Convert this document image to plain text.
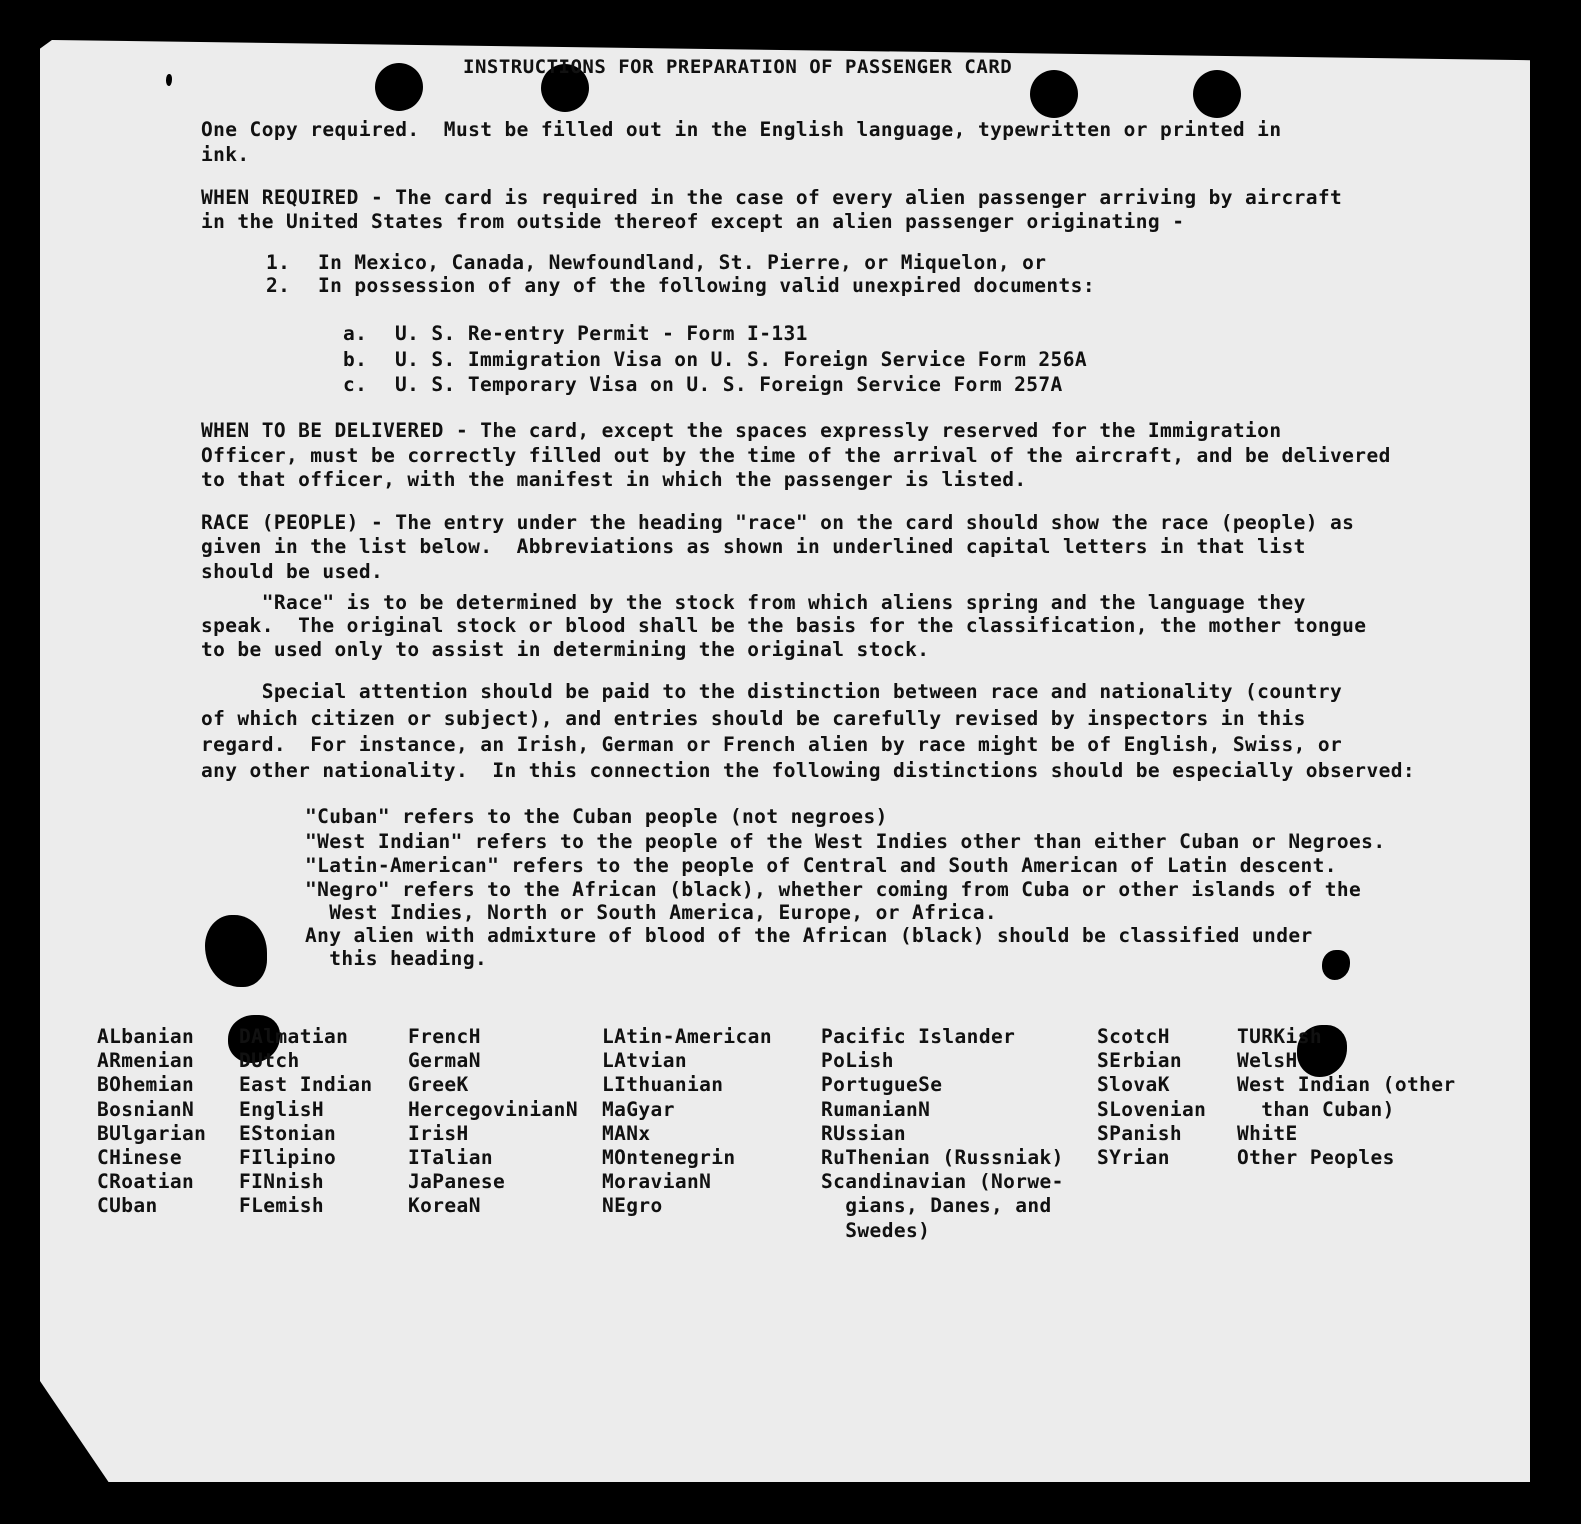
INSTRUCTIONS FOR PREPARATION OF PASSENGER CARD
One Copy required.  Must be filled out in the English language, typewritten or printed in
ink.
WHEN REQUIRED - The card is required in the case of every alien passenger arriving by aircraft
in the United States from outside thereof except an alien passenger originating -
1. In Mexico, Canada, Newfoundland, St. Pierre, or Miquelon, or
2. In possession of any of the following valid unexpired documents:
a. U. S. Re-entry Permit - Form I-131
b. U. S. Immigration Visa on U. S. Foreign Service Form 256A
c. U. S. Temporary Visa on U. S. Foreign Service Form 257A
WHEN TO BE DELIVERED - The card, except the spaces expressly reserved for the Immigration
Officer, must be correctly filled out by the time of the arrival of the aircraft, and be delivered
to that officer, with the manifest in which the passenger is listed.
RACE (PEOPLE) - The entry under the heading "race" on the card should show the race (people) as
given in the list below.  Abbreviations as shown in underlined capital letters in that list
should be used.
"Race" is to be determined by the stock from which aliens spring and the language they
speak.  The original stock or blood shall be the basis for the classification, the mother tongue
to be used only to assist in determining the original stock.
Special attention should be paid to the distinction between race and nationality (country
of which citizen or subject), and entries should be carefully revised by inspectors in this
regard.  For instance, an Irish, German or French alien by race might be of English, Swiss, or
any other nationality.  In this connection the following distinctions should be especially observed:
"Cuban" refers to the Cuban people (not negroes)
"West Indian" refers to the people of the West Indies other than either Cuban or Negroes.
"Latin-American" refers to the people of Central and South American of Latin descent.
"Negro" refers to the African (black), whether coming from Cuba or other islands of the
West Indies, North or South America, Europe, or Africa.
Any alien with admixture of blood of the African (black) should be classified under
this heading.
ALbanian
ARmenian
BOhemian
BosnianN
BUlgarian
CHinese
CRoatian
CUban
DAlmatian
DUtch
East Indian
EnglisH
EStonian
FIlipino
FINnish
FLemish
FrencH
GermaN
GreeK
HercegovinianN
IrisH
ITalian
JaPanese
KoreaN
LAtin-American
LAtvian
LIthuanian
MaGyar
MANx
MOntenegrin
MoravianN
NEgro
Pacific Islander
PoLish
PortugueSe
RumanianN
RUssian
RuThenian (Russniak)
Scandinavian (Norwe-
gians, Danes, and
Swedes)
ScotcH
SErbian
SlovaK
SLovenian
SPanish
SYrian
TURKish
WelsH
West Indian (other
than Cuban)
WhitE
Other Peoples
